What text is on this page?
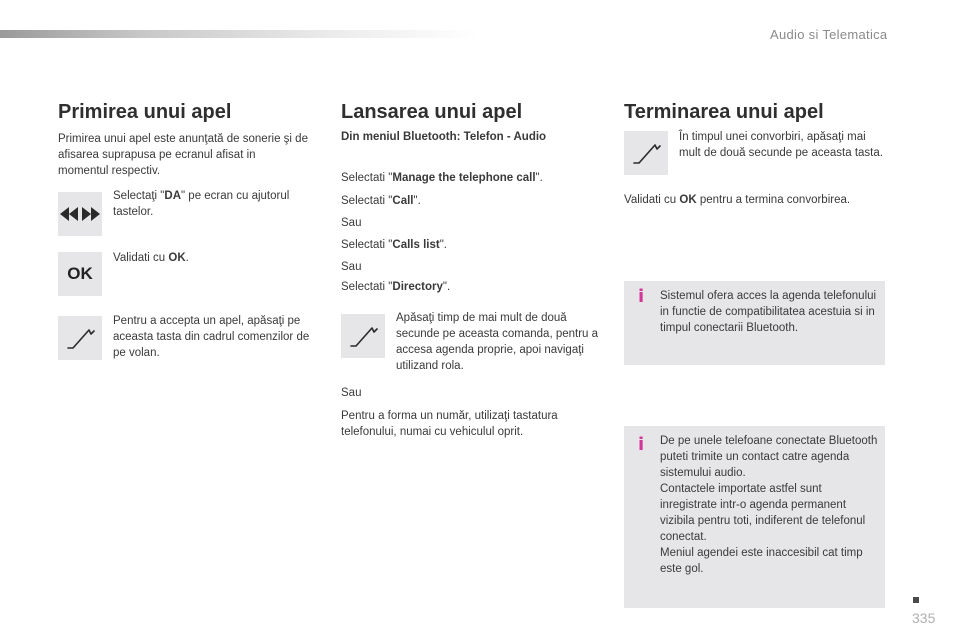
Audio si Telematica
Primirea unui apel
Primirea unui apel este anunţată de sonerie şi de afisarea suprapusa pe ecranul afisat in momentul respectiv.
Selectaţi "DA" pe ecran cu ajutorul tastelor.
OK
Validati cu OK.
Pentru a accepta un apel, apăsaţi pe aceasta tasta din cadrul comenzilor de pe volan.
Lansarea unui apel
Din meniul Bluetooth: Telefon - Audio
Selectati "Manage the telephone call".
Selectati "Call".
Sau
Selectati "Calls list".
Sau
Selectati "Directory".
Apăsaţi timp de mai mult de două secunde pe aceasta comanda, pentru a accesa agenda proprie, apoi navigaţi utilizand rola.
Sau
Pentru a forma un număr, utilizaţi tastatura telefonului, numai cu vehiculul oprit.
Terminarea unui apel
În timpul unei convorbiri, apăsaţi mai mult de două secunde pe aceasta tasta.
Validati cu OK pentru a termina convorbirea.
i Sistemul ofera acces la agenda telefonului in functie de compatibilitatea acestuia si in timpul conectarii Bluetooth.
i De pe unele telefoane conectate Bluetooth puteti trimite un contact catre agenda sistemului audio.
Contactele importate astfel sunt inregistrate intr-o agenda permanent vizibila pentru toti, indiferent de telefonul conectat.
Meniul agendei este inaccesibil cat timp este gol.
335
